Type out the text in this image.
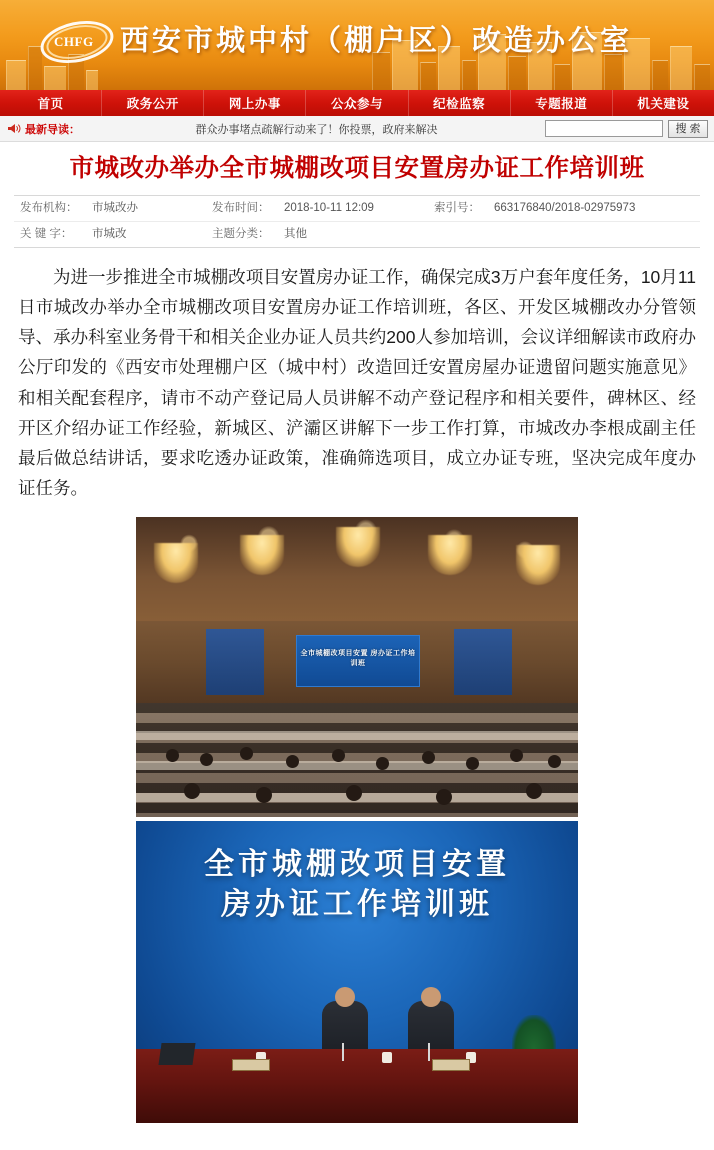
CHFG 西安市城中村（棚户区）改造办公室
首页	政务公开	网上办事	公众参与	纪检监察	专题报道	机关建设
最新导读：	群众办事堵点疏解行动来了！你投票，政府来解决	搜 索
市城改办举办全市城棚改项目安置房办证工作培训班
发布机构：	市城改办	发布时间：	2018-10-11 12:09	索引号：	663176840/2018-02975973
关 键 字：	市城改	主题分类：	其他		
为进一步推进全市城棚改项目安置房办证工作，确保完成3万户套年度任务，10月11日市城改办举办全市城棚改项目安置房办证工作培训班，各区、开发区城棚改办分管领导、承办科室业务骨干和相关企业办证人员共约200人参加培训，会议详细解读市政府办公厅印发的《西安市处理棚户区（城中村）改造回迁安置房屋办证遗留问题实施意见》和相关配套程序，请市不动产登记局人员讲解不动产登记程序和相关要件，碑林区、经开区介绍办证工作经验，新城区、浐灞区讲解下一步工作打算，市城改办李根成副主任最后做总结讲话，要求吃透办证政策，准确筛选项目，成立办证专班，坚决完成年度办证任务。
全市城棚改项目安置 房办证工作培训班
全市城棚改项目安置
房办证工作培训班
